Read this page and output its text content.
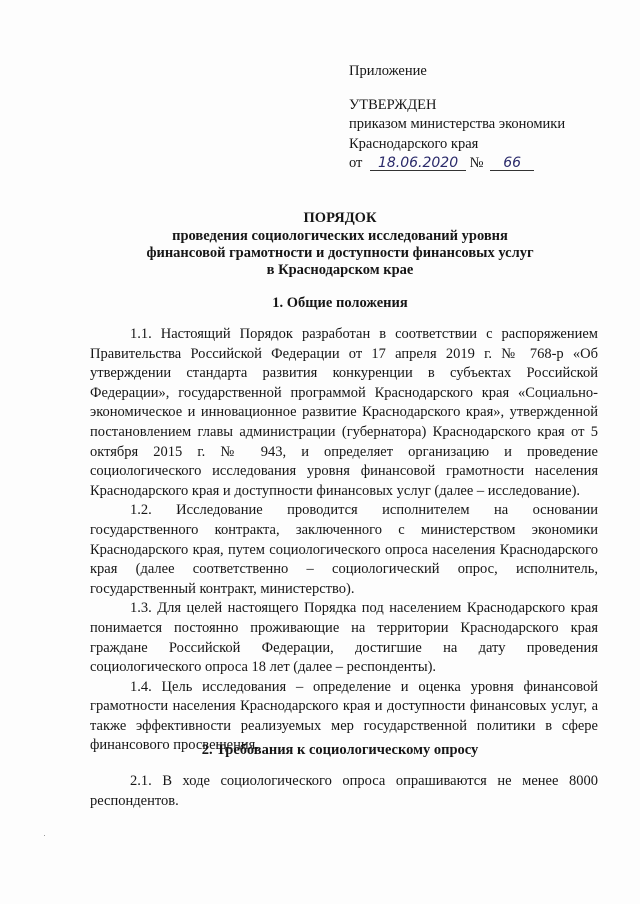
Приложение
УТВЕРЖДЕН
приказом министерства экономики
Краснодарского края
от 18.06.2020 № 66
ПОРЯДОК
проведения социологических исследований уровня
финансовой грамотности и доступности финансовых услуг
в Краснодарском крае
1. Общие положения

1.1. Настоящий Порядок разработан в соответствии с распоряжением Правительства Российской Федерации от 17 апреля 2019 г. № 768-р «Об утверждении стандарта развития конкуренции в субъектах Российской Федерации», государственной программой Краснодарского края «Социально-экономическое и инновационное развитие Краснодарского края», утвержденной постановлением главы администрации (губернатора) Краснодарского края от 5 октября 2015 г. № 943, и определяет организацию и проведение социологического исследования уровня финансовой грамотности населения Краснодарского края и доступности финансовых услуг (далее – исследование).

1.2. Исследование проводится исполнителем на основании государственного контракта, заключенного с министерством экономики Краснодарского края, путем социологического опроса населения Краснодарского края (далее соответственно – социологический опрос, исполнитель, государственный контракт, министерство).

1.3. Для целей настоящего Порядка под населением Краснодарского края понимается постоянно проживающие на территории Краснодарского края граждане Российской Федерации, достигшие на дату проведения социологического опроса 18 лет (далее – респонденты).

1.4. Цель исследования – определение и оценка уровня финансовой грамотности населения Краснодарского края и доступности финансовых услуг, а также эффективности реализуемых мер государственной политики в сфере финансового просвещения.

2. Требования к социологическому опросу

2.1. В ходе социологического опроса опрашиваются не менее 8000 респондентов.
